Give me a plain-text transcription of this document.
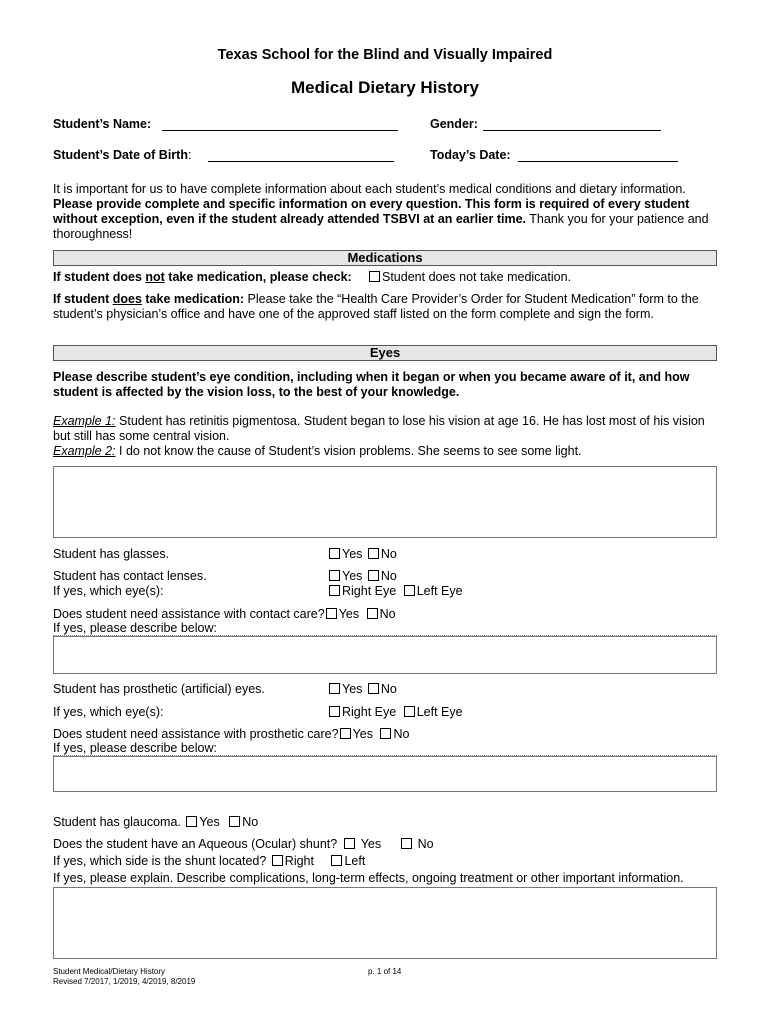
Texas School for the Blind and Visually Impaired
Medical Dietary History
Student’s Name:	Gender:
Student’s Date of Birth:	Today’s Date:
It is important for us to have complete information about each student’s medical conditions and dietary information. Please provide complete and specific information on every question. This form is required of every student without exception, even if the student already attended TSBVI at an earlier time. Thank you for your patience and thoroughness!
Medications
If student does not take medication, please check:	Student does not take medication.
If student does take medication: Please take the “Health Care Provider’s Order for Student Medication” form to the student’s physician’s office and have one of the approved staff listed on the form complete and sign the form.
Eyes
Please describe student’s eye condition, including when it began or when you became aware of it, and how student is affected by the vision loss, to the best of your knowledge.
Example 1: Student has retinitis pigmentosa. Student began to lose his vision at age 16. He has lost most of his vision but still has some central vision.
Example 2: I do not know the cause of Student’s vision problems. She seems to see some light.
Student has glasses.	Yes No
Student has contact lenses.	Yes No
If yes, which eye(s):	Right Eye Left Eye
Does student need assistance with contact care? Yes No
If yes, please describe below:
Student has prosthetic (artificial) eyes.	Yes No
If yes, which eye(s):	Right Eye Left Eye
Does student need assistance with prosthetic care? Yes No
If yes, please describe below:
Student has glaucoma. Yes No
Does the student have an Aqueous (Ocular) shunt? Yes	No
If yes, which side is the shunt located? Right Left
If yes, please explain. Describe complications, long-term effects, ongoing treatment or other important information.
Student Medical/Dietary History
Revised 7/2017, 1/2019, 4/2019, 8/2019
p. 1 of 14
